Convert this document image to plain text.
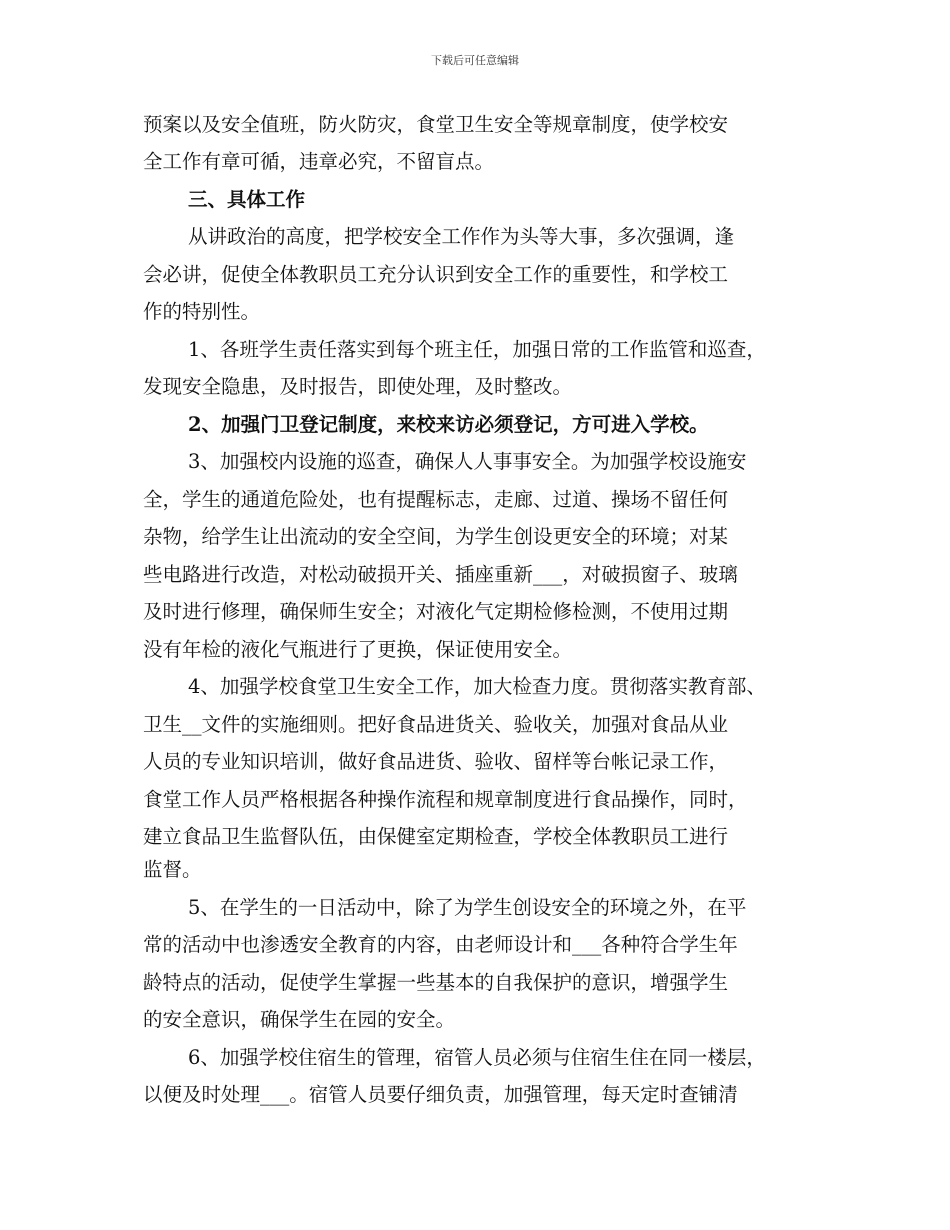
下载后可任意编辑
预案以及安全值班，防火防灾，食堂卫生安全等规章制度，使学校安
全工作有章可循，违章必究，不留盲点。
三、具体工作
从讲政治的高度，把学校安全工作作为头等大事，多次强调，逢
会必讲，促使全体教职员工充分认识到安全工作的重要性，和学校工
作的特别性。
1、各班学生责任落实到每个班主任，加强日常的工作监管和巡查，
发现安全隐患，及时报告，即使处理，及时整改。
2、加强门卫登记制度，来校来访必须登记，方可进入学校。
3、加强校内设施的巡查，确保人人事事安全。为加强学校设施安
全，学生的通道危险处，也有提醒标志，走廊、过道、操场不留任何
杂物，给学生让出流动的安全空间，为学生创设更安全的环境；对某
些电路进行改造，对松动破损开关、插座重新___，对破损窗子、玻璃
及时进行修理，确保师生安全；对液化气定期检修检测，不使用过期
没有年检的液化气瓶进行了更换，保证使用安全。
4、加强学校食堂卫生安全工作，加大检查力度。贯彻落实教育部、
卫生__文件的实施细则。把好食品进货关、验收关，加强对食品从业
人员的专业知识培训，做好食品进货、验收、留样等台帐记录工作，
食堂工作人员严格根据各种操作流程和规章制度进行食品操作，同时，
建立食品卫生监督队伍，由保健室定期检查，学校全体教职员工进行
监督。
5、在学生的一日活动中，除了为学生创设安全的环境之外，在平
常的活动中也渗透安全教育的内容，由老师设计和___各种符合学生年
龄特点的活动，促使学生掌握一些基本的自我保护的意识，增强学生
的安全意识，确保学生在园的安全。
6、加强学校住宿生的管理，宿管人员必须与住宿生住在同一楼层，
以便及时处理___。宿管人员要仔细负责，加强管理，每天定时查铺清
